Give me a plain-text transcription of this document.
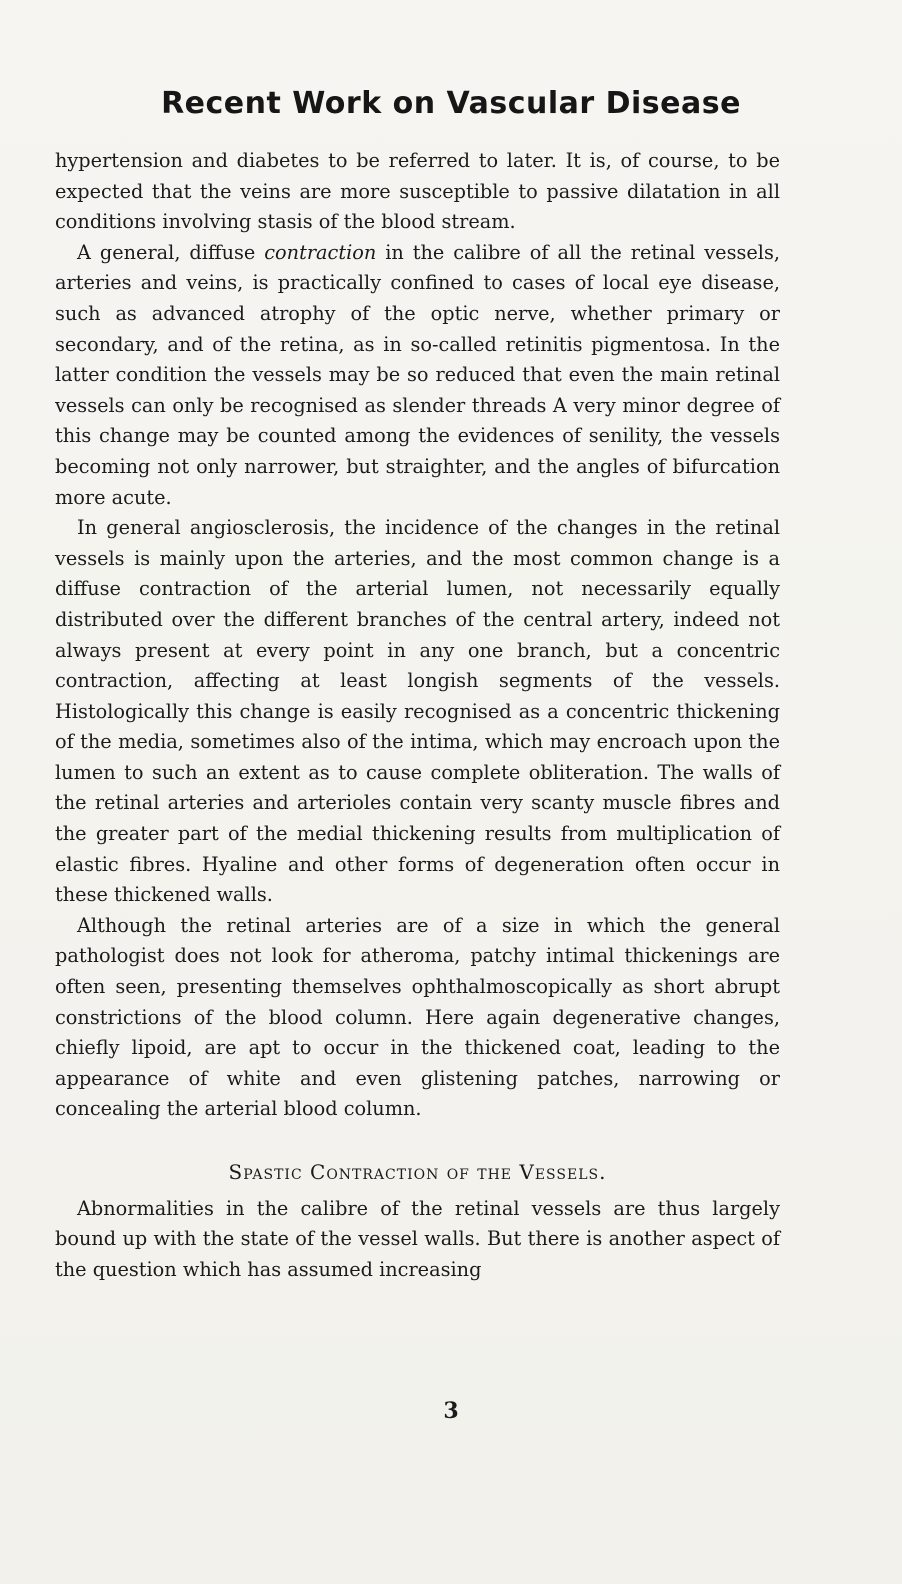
Recent Work on Vascular Disease

hypertension and diabetes to be referred to later. It is, of course, to be expected that the veins are more susceptible to passive dilatation in all conditions involving stasis of the blood stream.

A general, diffuse contraction in the calibre of all the retinal vessels, arteries and veins, is practically confined to cases of local eye disease, such as advanced atrophy of the optic nerve, whether primary or secondary, and of the retina, as in so-called retinitis pigmentosa. In the latter condition the vessels may be so reduced that even the main retinal vessels can only be recognised as slender threads A very minor degree of this change may be counted among the evidences of senility, the vessels becoming not only narrower, but straighter, and the angles of bifurcation more acute.

In general angiosclerosis, the incidence of the changes in the retinal vessels is mainly upon the arteries, and the most common change is a diffuse contraction of the arterial lumen, not necessarily equally distributed over the different branches of the central artery, indeed not always present at every point in any one branch, but a concentric contraction, affecting at least longish segments of the vessels. Histologically this change is easily recognised as a concentric thickening of the media, sometimes also of the intima, which may encroach upon the lumen to such an extent as to cause complete obliteration. The walls of the retinal arteries and arterioles contain very scanty muscle fibres and the greater part of the medial thickening results from multiplication of elastic fibres. Hyaline and other forms of degeneration often occur in these thickened walls.

Although the retinal arteries are of a size in which the general pathologist does not look for atheroma, patchy intimal thickenings are often seen, presenting themselves ophthalmoscopically as short abrupt constrictions of the blood column. Here again degenerative changes, chiefly lipoid, are apt to occur in the thickened coat, leading to the appearance of white and even glistening patches, narrowing or concealing the arterial blood column.

Spastic Contraction of the Vessels.

Abnormalities in the calibre of the retinal vessels are thus largely bound up with the state of the vessel walls. But there is another aspect of the question which has assumed increasing

3
